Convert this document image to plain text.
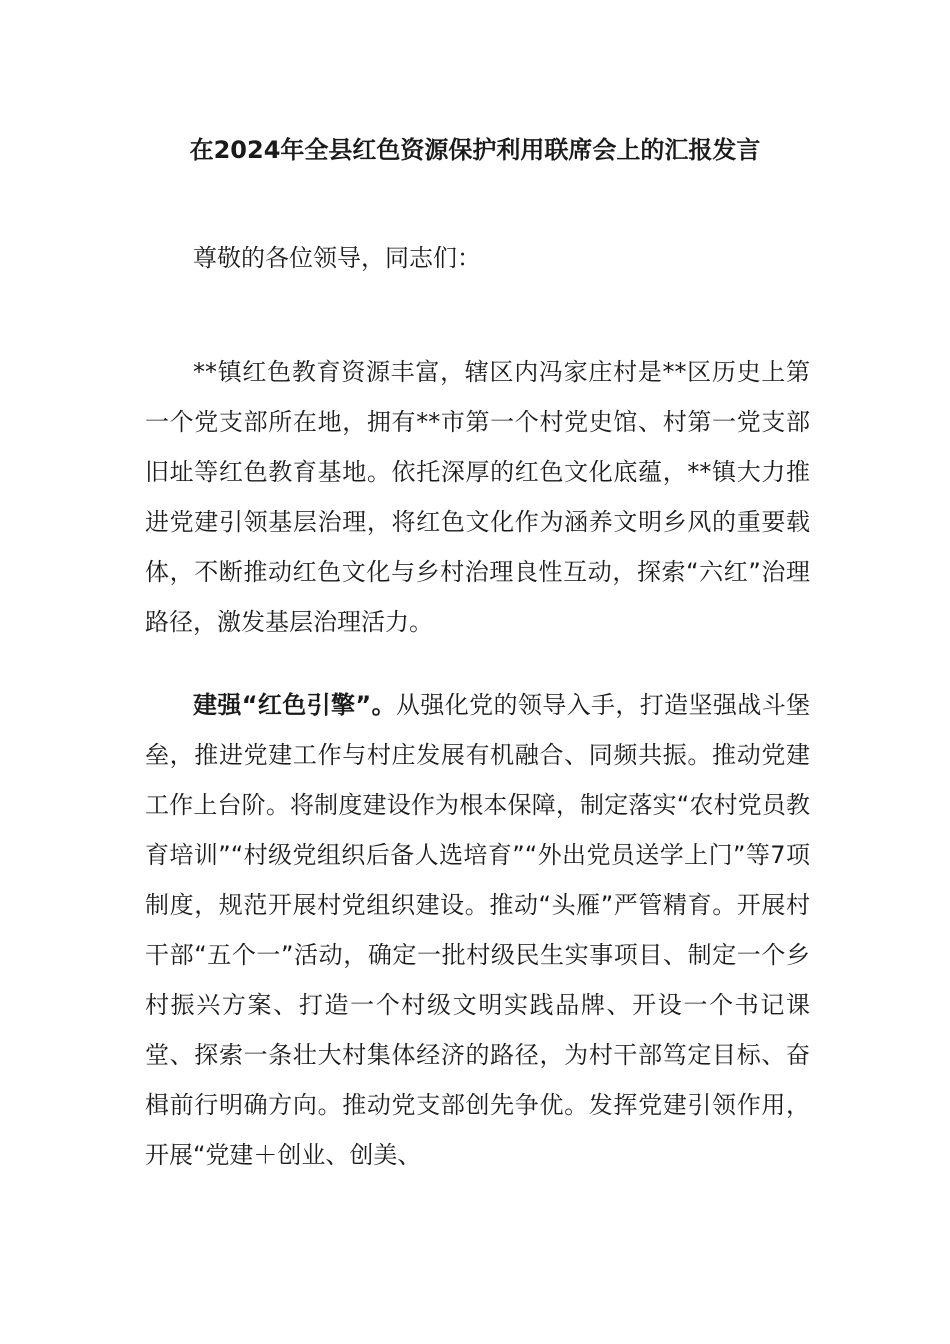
在2024年全县红色资源保护利用联席会上的汇报发言
尊敬的各位领导，同志们：
**镇红色教育资源丰富，辖区内冯家庄村是**区历史上第一个党支部所在地，拥有**市第一个村党史馆、村第一党支部旧址等红色教育基地。依托深厚的红色文化底蕴，**镇大力推进党建引领基层治理，将红色文化作为涵养文明乡风的重要载体，不断推动红色文化与乡村治理良性互动，探索“六红”治理路径，激发基层治理活力。
建强“红色引擎”。从强化党的领导入手，打造坚强战斗堡垒，推进党建工作与村庄发展有机融合、同频共振。推动党建工作上台阶。将制度建设作为根本保障，制定落实“农村党员教育培训”“村级党组织后备人选培育”“外出党员送学上门”等7项制度，规范开展村党组织建设。推动“头雁”严管精育。开展村干部“五个一”活动，确定一批村级民生实事项目、制定一个乡村振兴方案、打造一个村级文明实践品牌、开设一个书记课堂、探索一条壮大村集体经济的路径，为村干部笃定目标、奋楫前行明确方向。推动党支部创先争优。发挥党建引领作用，开展“党建＋创业、创美、
